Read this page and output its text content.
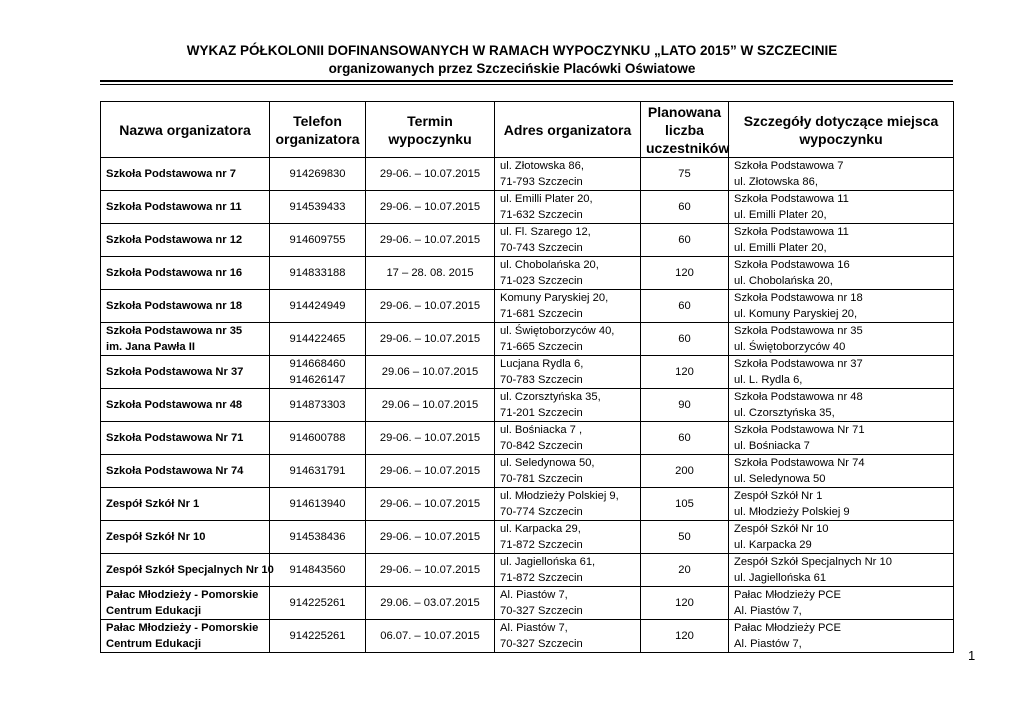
WYKAZ PÓŁKOLONII DOFINANSOWANYCH W RAMACH WYPOCZYNKU „LATO 2015” W SZCZECINIE
organizowanych przez Szczecińskie Placówki Oświatowe
Nazwa organizatora	Telefon organizatora	Termin wypoczynku	Adres organizatora	Planowana liczba uczestników	Szczegóły dotyczące miejsca wypoczynku

Szkoła Podstawowa nr 7	914269830	29-06. – 10.07.2015	ul. Złotowska 86,
71-793 Szczecin	75	Szkoła Podstawowa 7
ul. Złotowska 86,

Szkoła Podstawowa nr 11	914539433	29-06. – 10.07.2015	ul. Emilli Plater 20,
71-632 Szczecin	60	Szkoła Podstawowa 11
ul. Emilli Plater 20,

Szkoła Podstawowa nr 12	914609755	29-06. – 10.07.2015	ul. Fl. Szarego 12,
70-743 Szczecin	60	Szkoła Podstawowa 11
ul. Emilli Plater 20,

Szkoła Podstawowa nr 16	914833188	17 – 28. 08. 2015	ul. Chobolańska 20,
71-023 Szczecin	120	Szkoła Podstawowa 16
ul. Chobolańska 20,

Szkoła Podstawowa nr 18	914424949	29-06. – 10.07.2015	Komuny Paryskiej 20,
71-681 Szczecin	60	Szkoła Podstawowa nr 18
ul. Komuny Paryskiej 20,

Szkoła Podstawowa nr 35
im. Jana Pawła II	914422465	29-06. – 10.07.2015	ul. Świętoborzyców 40,
71-665 Szczecin	60	Szkoła Podstawowa nr 35
ul. Świętoborzyców 40

Szkoła Podstawowa Nr 37	914668460
914626147	29.06 – 10.07.2015	Lucjana Rydla 6,
70-783 Szczecin	120	Szkoła Podstawowa nr 37
ul. L. Rydla 6,

Szkoła Podstawowa nr 48	914873303	29.06 – 10.07.2015	ul. Czorsztyńska 35,
71-201 Szczecin	90	Szkoła Podstawowa nr 48
ul. Czorsztyńska 35,

Szkoła Podstawowa Nr 71	914600788	29-06. – 10.07.2015	ul. Bośniacka 7 ,
70-842 Szczecin	60	Szkoła Podstawowa Nr 71
ul. Bośniacka 7

Szkoła Podstawowa Nr 74	914631791	29-06. – 10.07.2015	ul. Seledynowa 50,
70-781 Szczecin	200	Szkoła Podstawowa Nr 74
ul. Seledynowa 50

Zespół Szkół Nr 1	914613940	29-06. – 10.07.2015	ul. Młodzieży Polskiej 9,
70-774 Szczecin	105	Zespół Szkół Nr 1
ul. Młodzieży Polskiej 9

Zespół Szkół Nr 10	914538436	29-06. – 10.07.2015	ul. Karpacka 29,
71-872 Szczecin	50	Zespół Szkół Nr 10
ul. Karpacka 29

Zespół Szkół Specjalnych Nr 10	914843560	29-06. – 10.07.2015	ul. Jagiellońska 61,
71-872 Szczecin	20	Zespół Szkół Specjalnych Nr 10
ul. Jagiellońska 61

Pałac Młodzieży - Pomorskie
Centrum Edukacji	914225261	29.06. – 03.07.2015	Al. Piastów 7,
70-327 Szczecin	120	Pałac Młodzieży PCE
Al. Piastów 7,

Pałac Młodzieży - Pomorskie
Centrum Edukacji	914225261	06.07. – 10.07.2015	Al. Piastów 7,
70-327 Szczecin	120	Pałac Młodzieży PCE
Al. Piastów 7,
1
